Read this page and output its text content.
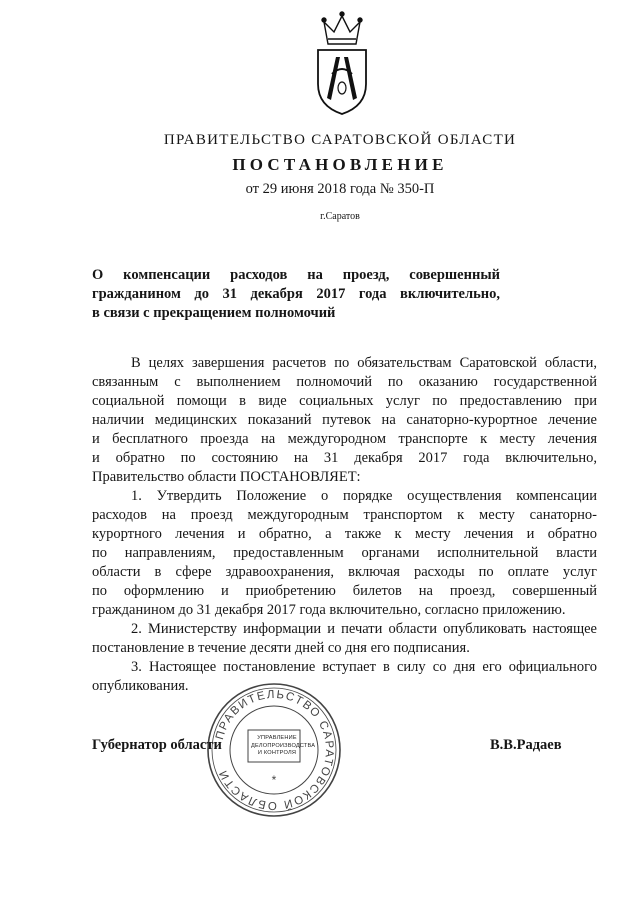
ПРАВИТЕЛЬСТВО САРАТОВСКОЙ ОБЛАСТИ
ПОСТАНОВЛЕНИЕ
от 29 июня 2018 года № 350-П
г.Саратов
О компенсации расходов на проезд, совершенный
гражданином до 31 декабря 2017 года включительно,
в связи с прекращением полномочий
В целях завершения расчетов по обязательствам Саратовской области,
связанным с выполнением полномочий по оказанию государственной
социальной помощи в виде социальных услуг по предоставлению при
наличии медицинских показаний путевок на санаторно-курортное лечение
и бесплатного проезда на междугородном транспорте к месту лечения
и обратно по состоянию на 31 декабря 2017 года включительно,
Правительство области ПОСТАНОВЛЯЕТ:
1. Утвердить Положение о порядке осуществления компенсации
расходов на проезд междугородным транспортом к месту санаторно-
курортного лечения и обратно, а также к месту лечения и обратно
по направлениям, предоставленным органами исполнительной власти
области в сфере здравоохранения, включая расходы по оплате услуг
по оформлению и приобретению билетов на проезд, совершенный
гражданином до 31 декабря 2017 года включительно, согласно приложению.
2. Министерству информации и печати области опубликовать настоящее
постановление в течение десяти дней со дня его подписания.
3. Настоящее постановление вступает в силу со дня его официального
опубликования.
Губернатор области	В.В.Радаев
ПРАВИТЕЛЬСТВО САРАТОВСКОЙ ОБЛАСТИ	*
УПРАВЛЕНИЕ
ДЕЛОПРОИЗВОДСТВА
И КОНТРОЛЯ
